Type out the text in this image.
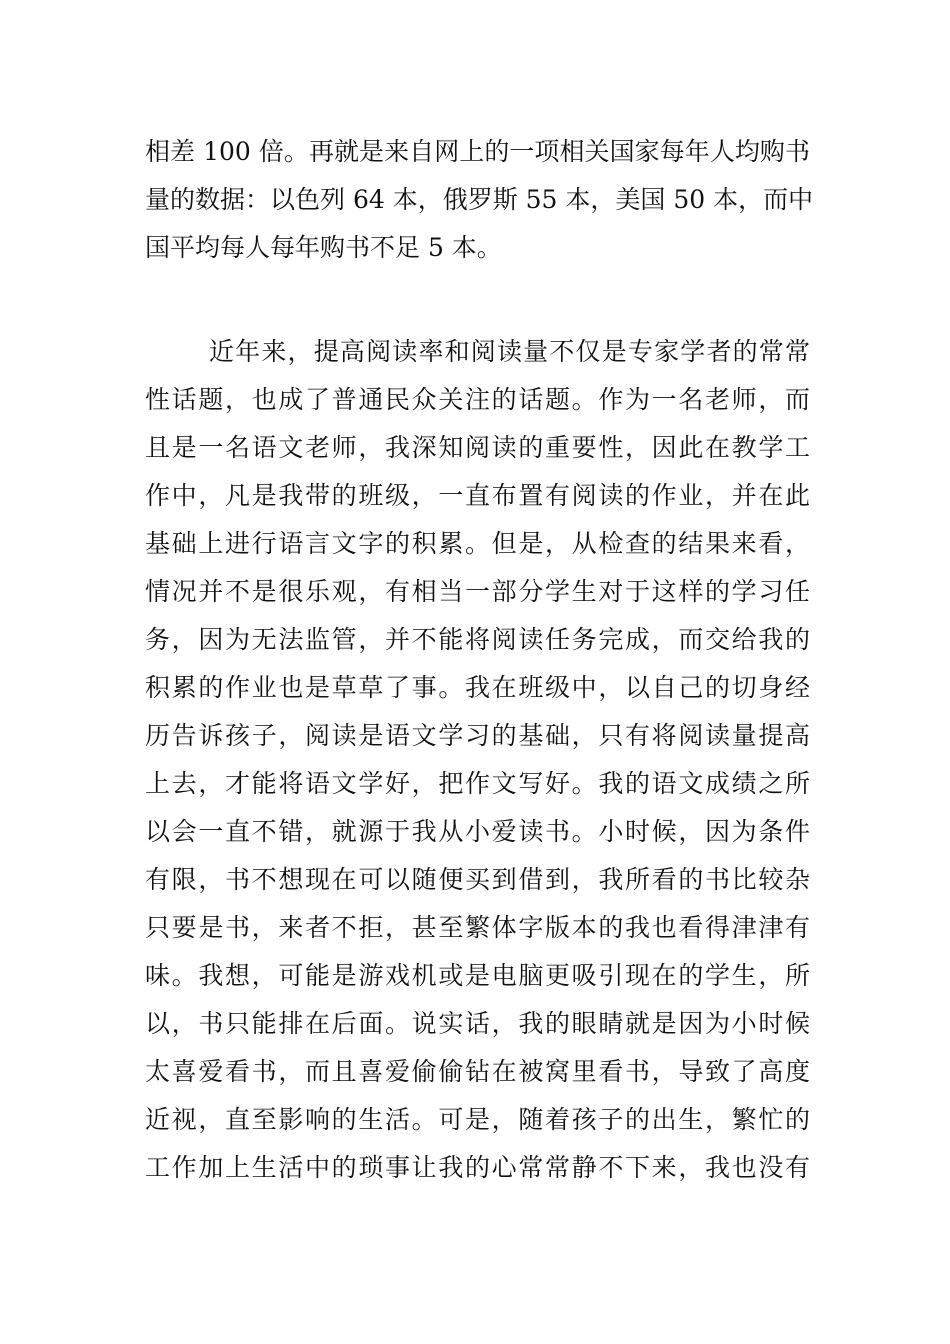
相差 100 倍。再就是来自网上的一项相关国家每年人均购书
量的数据：以色列 64 本，俄罗斯 55 本，美国 50 本，而中
国平均每人每年购书不足 5 本。
近年来，提高阅读率和阅读量不仅是专家学者的常常
性话题，也成了普通民众关注的话题。作为一名老师，而
且是一名语文老师，我深知阅读的重要性，因此在教学工
作中，凡是我带的班级，一直布置有阅读的作业，并在此
基础上进行语言文字的积累。但是，从检查的结果来看，
情况并不是很乐观，有相当一部分学生对于这样的学习任
务，因为无法监管，并不能将阅读任务完成，而交给我的
积累的作业也是草草了事。我在班级中，以自己的切身经
历告诉孩子，阅读是语文学习的基础，只有将阅读量提高
上去，才能将语文学好，把作文写好。我的语文成绩之所
以会一直不错，就源于我从小爱读书。小时候，因为条件
有限，书不想现在可以随便买到借到，我所看的书比较杂
只要是书，来者不拒，甚至繁体字版本的我也看得津津有
味。我想，可能是游戏机或是电脑更吸引现在的学生，所
以，书只能排在后面。说实话，我的眼睛就是因为小时候
太喜爱看书，而且喜爱偷偷钻在被窝里看书，导致了高度
近视，直至影响的生活。可是，随着孩子的出生，繁忙的
工作加上生活中的琐事让我的心常常静不下来，我也没有
